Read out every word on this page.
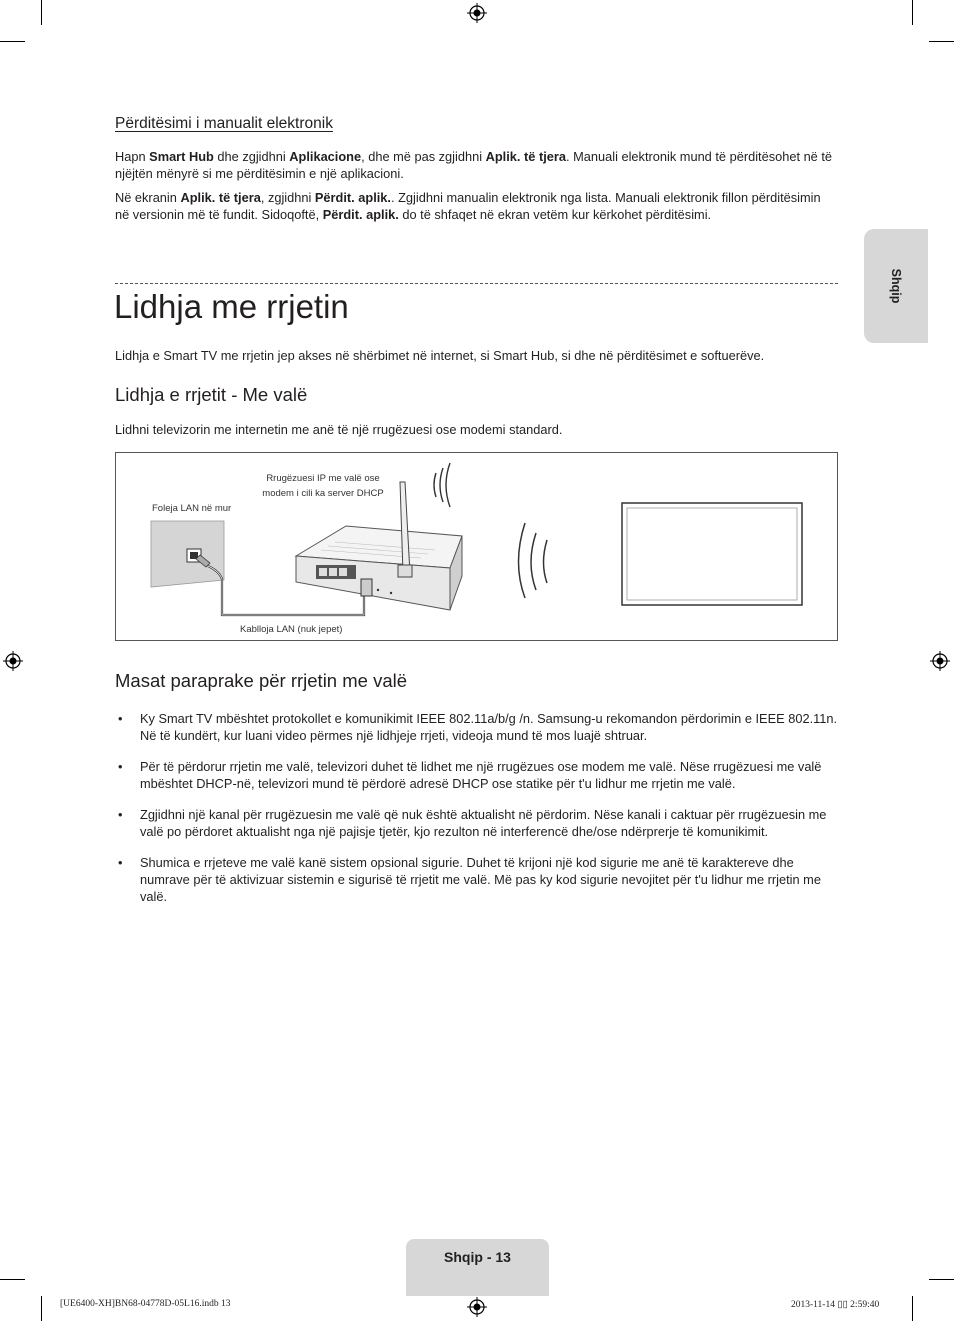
Përditësimi i manualit elektronik

Hapn Smart Hub dhe zgjidhni Aplikacione, dhe më pas zgjidhni Aplik. të tjera. Manuali elektronik mund të përditësohet në të njëjtën mënyrë si me përditësimin e një aplikacioni.

Në ekranin Aplik. të tjera, zgjidhni Përdit. aplik.. Zgjidhni manualin elektronik nga lista. Manuali elektronik fillon përditësimin në versionin më të fundit. Sidoqoftë, Përdit. aplik. do të shfaqet në ekran vetëm kur kërkohet përditësimi.

Shqip
Lidhja me rrjetin

Lidhja e Smart TV me rrjetin jep akses në shërbimet në internet, si Smart Hub, si dhe në përditësimet e softuerëve.

Lidhja e rrjetit - Me valë

Lidhni televizorin me internetin me anë të një rrugëzuesi ose modemi standard.

Rrugëzuesi IP me valë ose
modem i cili ka server DHCP
Foleja LAN në mur
Kablloja LAN (nuk jepet)
Masat paraprake për rrjetin me valë
• Ky Smart TV mbështet protokollet e komunikimit IEEE 802.11a/b/g /n. Samsung-u rekomandon përdorimin e IEEE 802.11n. Në të kundërt, kur luani video përmes një lidhjeje rrjeti, videoja mund të mos luajë shtruar.
• Për të përdorur rrjetin me valë, televizori duhet të lidhet me një rrugëzues ose modem me valë. Nëse rrugëzuesi me valë mbështet DHCP-në, televizori mund të përdorë adresë DHCP ose statike për t'u lidhur me rrjetin me valë.
• Zgjidhni një kanal për rrugëzuesin me valë që nuk është aktualisht në përdorim. Nëse kanali i caktuar për rrugëzuesin me valë po përdoret aktualisht nga një pajisje tjetër, kjo rezulton në interferencë dhe/ose ndërprerje të komunikimit.
• Shumica e rrjeteve me valë kanë sistem opsional sigurie. Duhet të krijoni një kod sigurie me anë të karaktereve dhe numrave për të aktivizuar sistemin e sigurisë të rrjetit me valë. Më pas ky kod sigurie nevojitet për t'u lidhur me rrjetin me valë.
Shqip - 13
[UE6400-XH]BN68-04778D-05L16.indb 13	2013-11-14 ▯▯ 2:59:40
